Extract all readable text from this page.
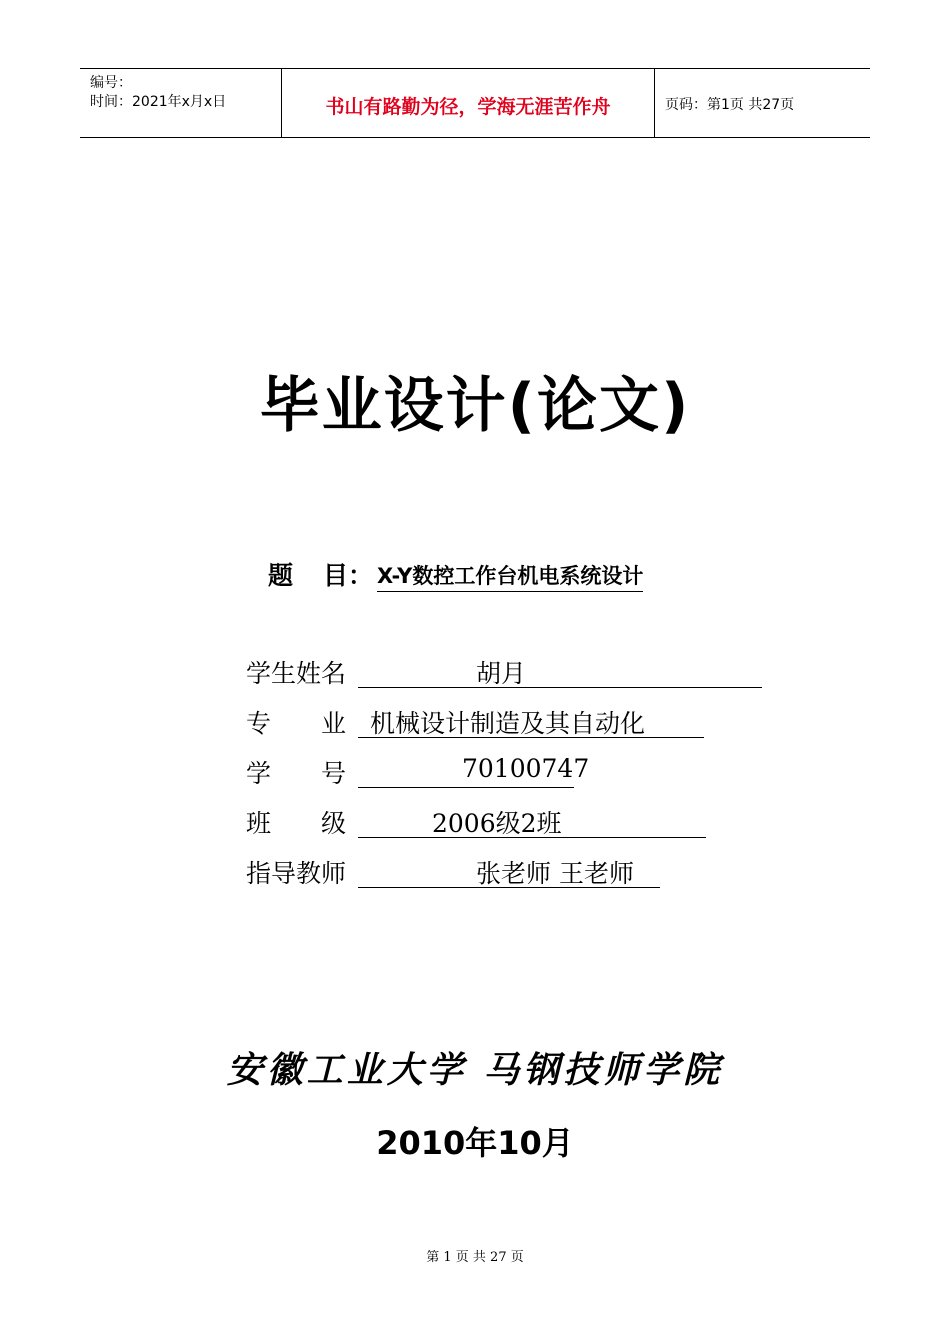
编号：
时间：2021年x月x日	书山有路勤为径，学海无涯苦作舟	页码：第1页 共27页
毕业设计(论文)
题 目： X-Y数控工作台机电系统设计
学生姓名	胡月
专　　业 机械设计制造及其自动化
学　　号	70100747
班　　级	2006级2班
指导教师	张老师 王老师
安徽工业大学 马钢技师学院
2010年10月
第 1 页 共 27 页
